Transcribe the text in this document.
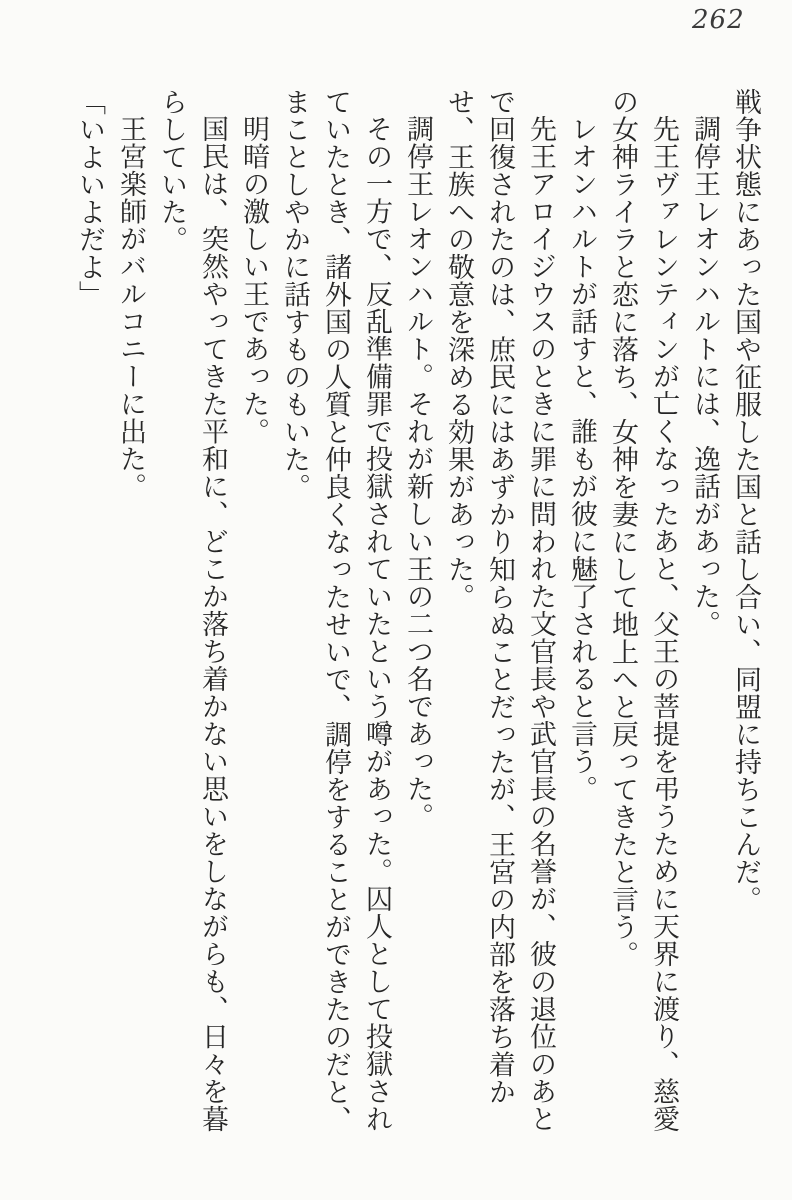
262

戦争状態にあった国や征服した国と話し合い、同盟に持ちこんだ。

調停王レオンハルトには、逸話があった。

先王ヴァレンティンが亡くなったあと、父王の菩提を弔うために天界に渡り、慈愛の女神ライラと恋に落ち、女神を妻にして地上へと戻ってきたと言う。

レオンハルトが話すと、誰もが彼に魅了されると言う。

先王アロイジウスのときに罪に問われた文官長や武官長の名誉が、彼の退位のあとで回復されたのは、庶民にはあずかり知らぬことだったが、王宮の内部を落ち着かせ、王族への敬意を深める効果があった。

調停王レオンハルト。それが新しい王の二つ名であった。

その一方で、反乱準備罪で投獄されていたという噂があった。囚人として投獄されていたとき、諸外国の人質と仲良くなったせいで、調停をすることができたのだと、まことしやかに話すものもいた。

明暗の激しい王であった。

国民は、突然やってきた平和に、どこか落ち着かない思いをしながらも、日々を暮らしていた。

王宮楽師がバルコニーに出た。

「いよいよだよ」
